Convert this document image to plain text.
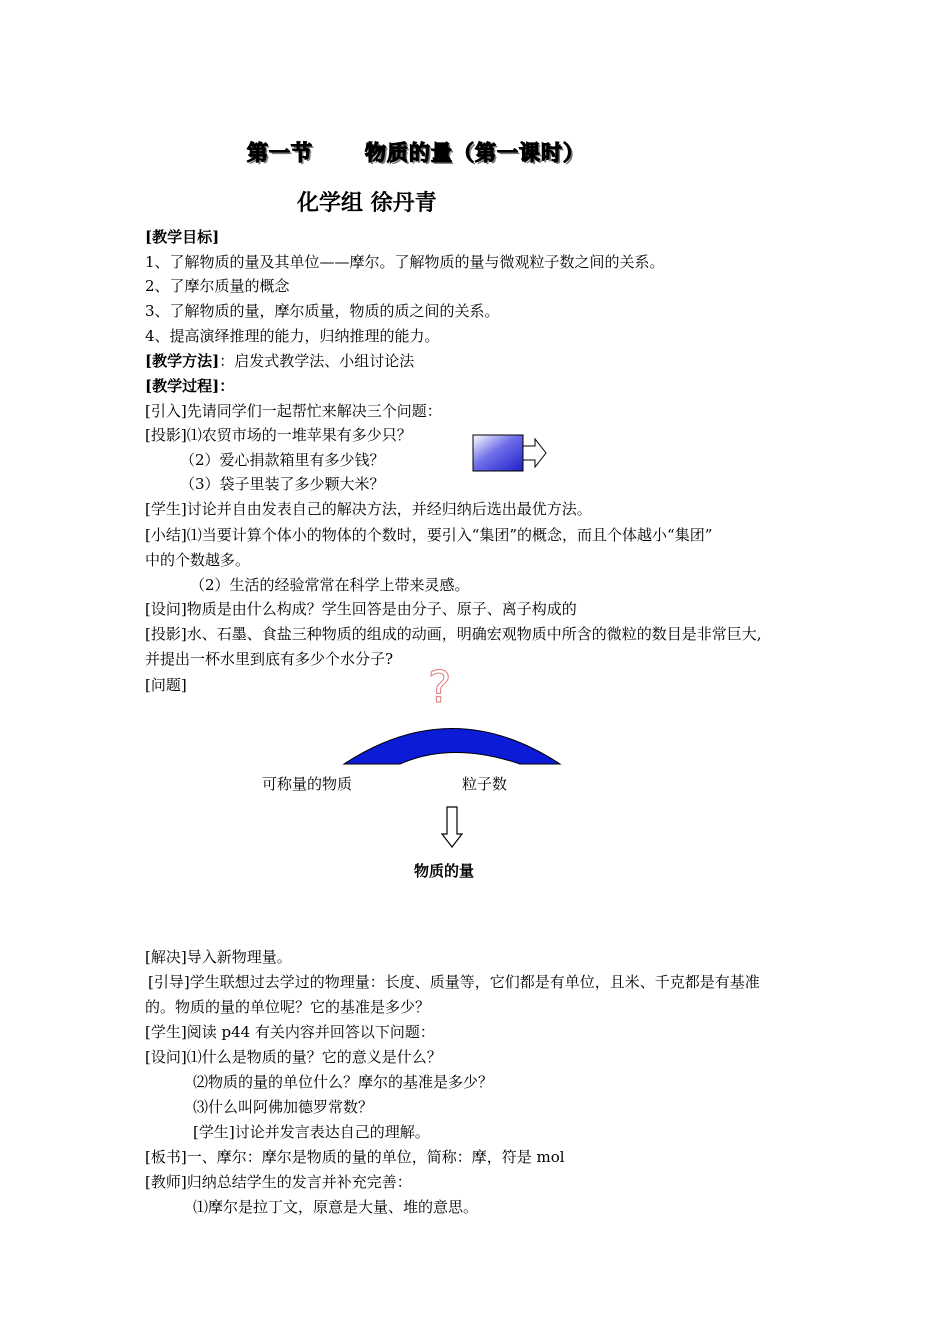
第一节 物质的量（第一课时）
化学组 徐丹青
[教学目标]
1、了解物质的量及其单位——摩尔。了解物质的量与微观粒子数之间的关系。
2、了摩尔质量的概念
3、了解物质的量，摩尔质量，物质的质之间的关系。
4、提高演绎推理的能力，归纳推理的能力。
[教学方法]：启发式教学法、小组讨论法
[教学过程]：
[引入]先请同学们一起帮忙来解决三个问题：
[投影]⑴农贸市场的一堆苹果有多少只？
（2）爱心捐款箱里有多少钱？
（3）袋子里装了多少颗大米？
[学生]讨论并自由发表自己的解决方法，并经归纳后选出最优方法。
[小结]⑴当要计算个体小的物体的个数时，要引入“集团”的概念，而且个体越小“集团”
中的个数越多。
（2）生活的经验常常在科学上带来灵感。
[设问]物质是由什么构成？学生回答是由分子、原子、离子构成的
[投影]水、石墨、食盐三种物质的组成的动画，明确宏观物质中所含的微粒的数目是非常巨大,
并提出一杯水里到底有多少个水分子?
[问题]	?
可称量的物质	粒子数
物质的量
[解决]导入新物理量。
[引导]学生联想过去学过的物理量：长度、质量等，它们都是有单位，且米、千克都是有基准
的。物质的量的单位呢？它的基准是多少？
[学生]阅读 p44 有关内容并回答以下问题：
[设问]⑴什么是物质的量？它的意义是什么？
⑵物质的量的单位什么？摩尔的基准是多少？
⑶什么叫阿佛加德罗常数？
[学生]讨论并发言表达自己的理解。
[板书]一、摩尔：摩尔是物质的量的单位，简称：摩，符是 mol
[教师]归纳总结学生的发言并补充完善：
⑴摩尔是拉丁文，原意是大量、堆的意思。
